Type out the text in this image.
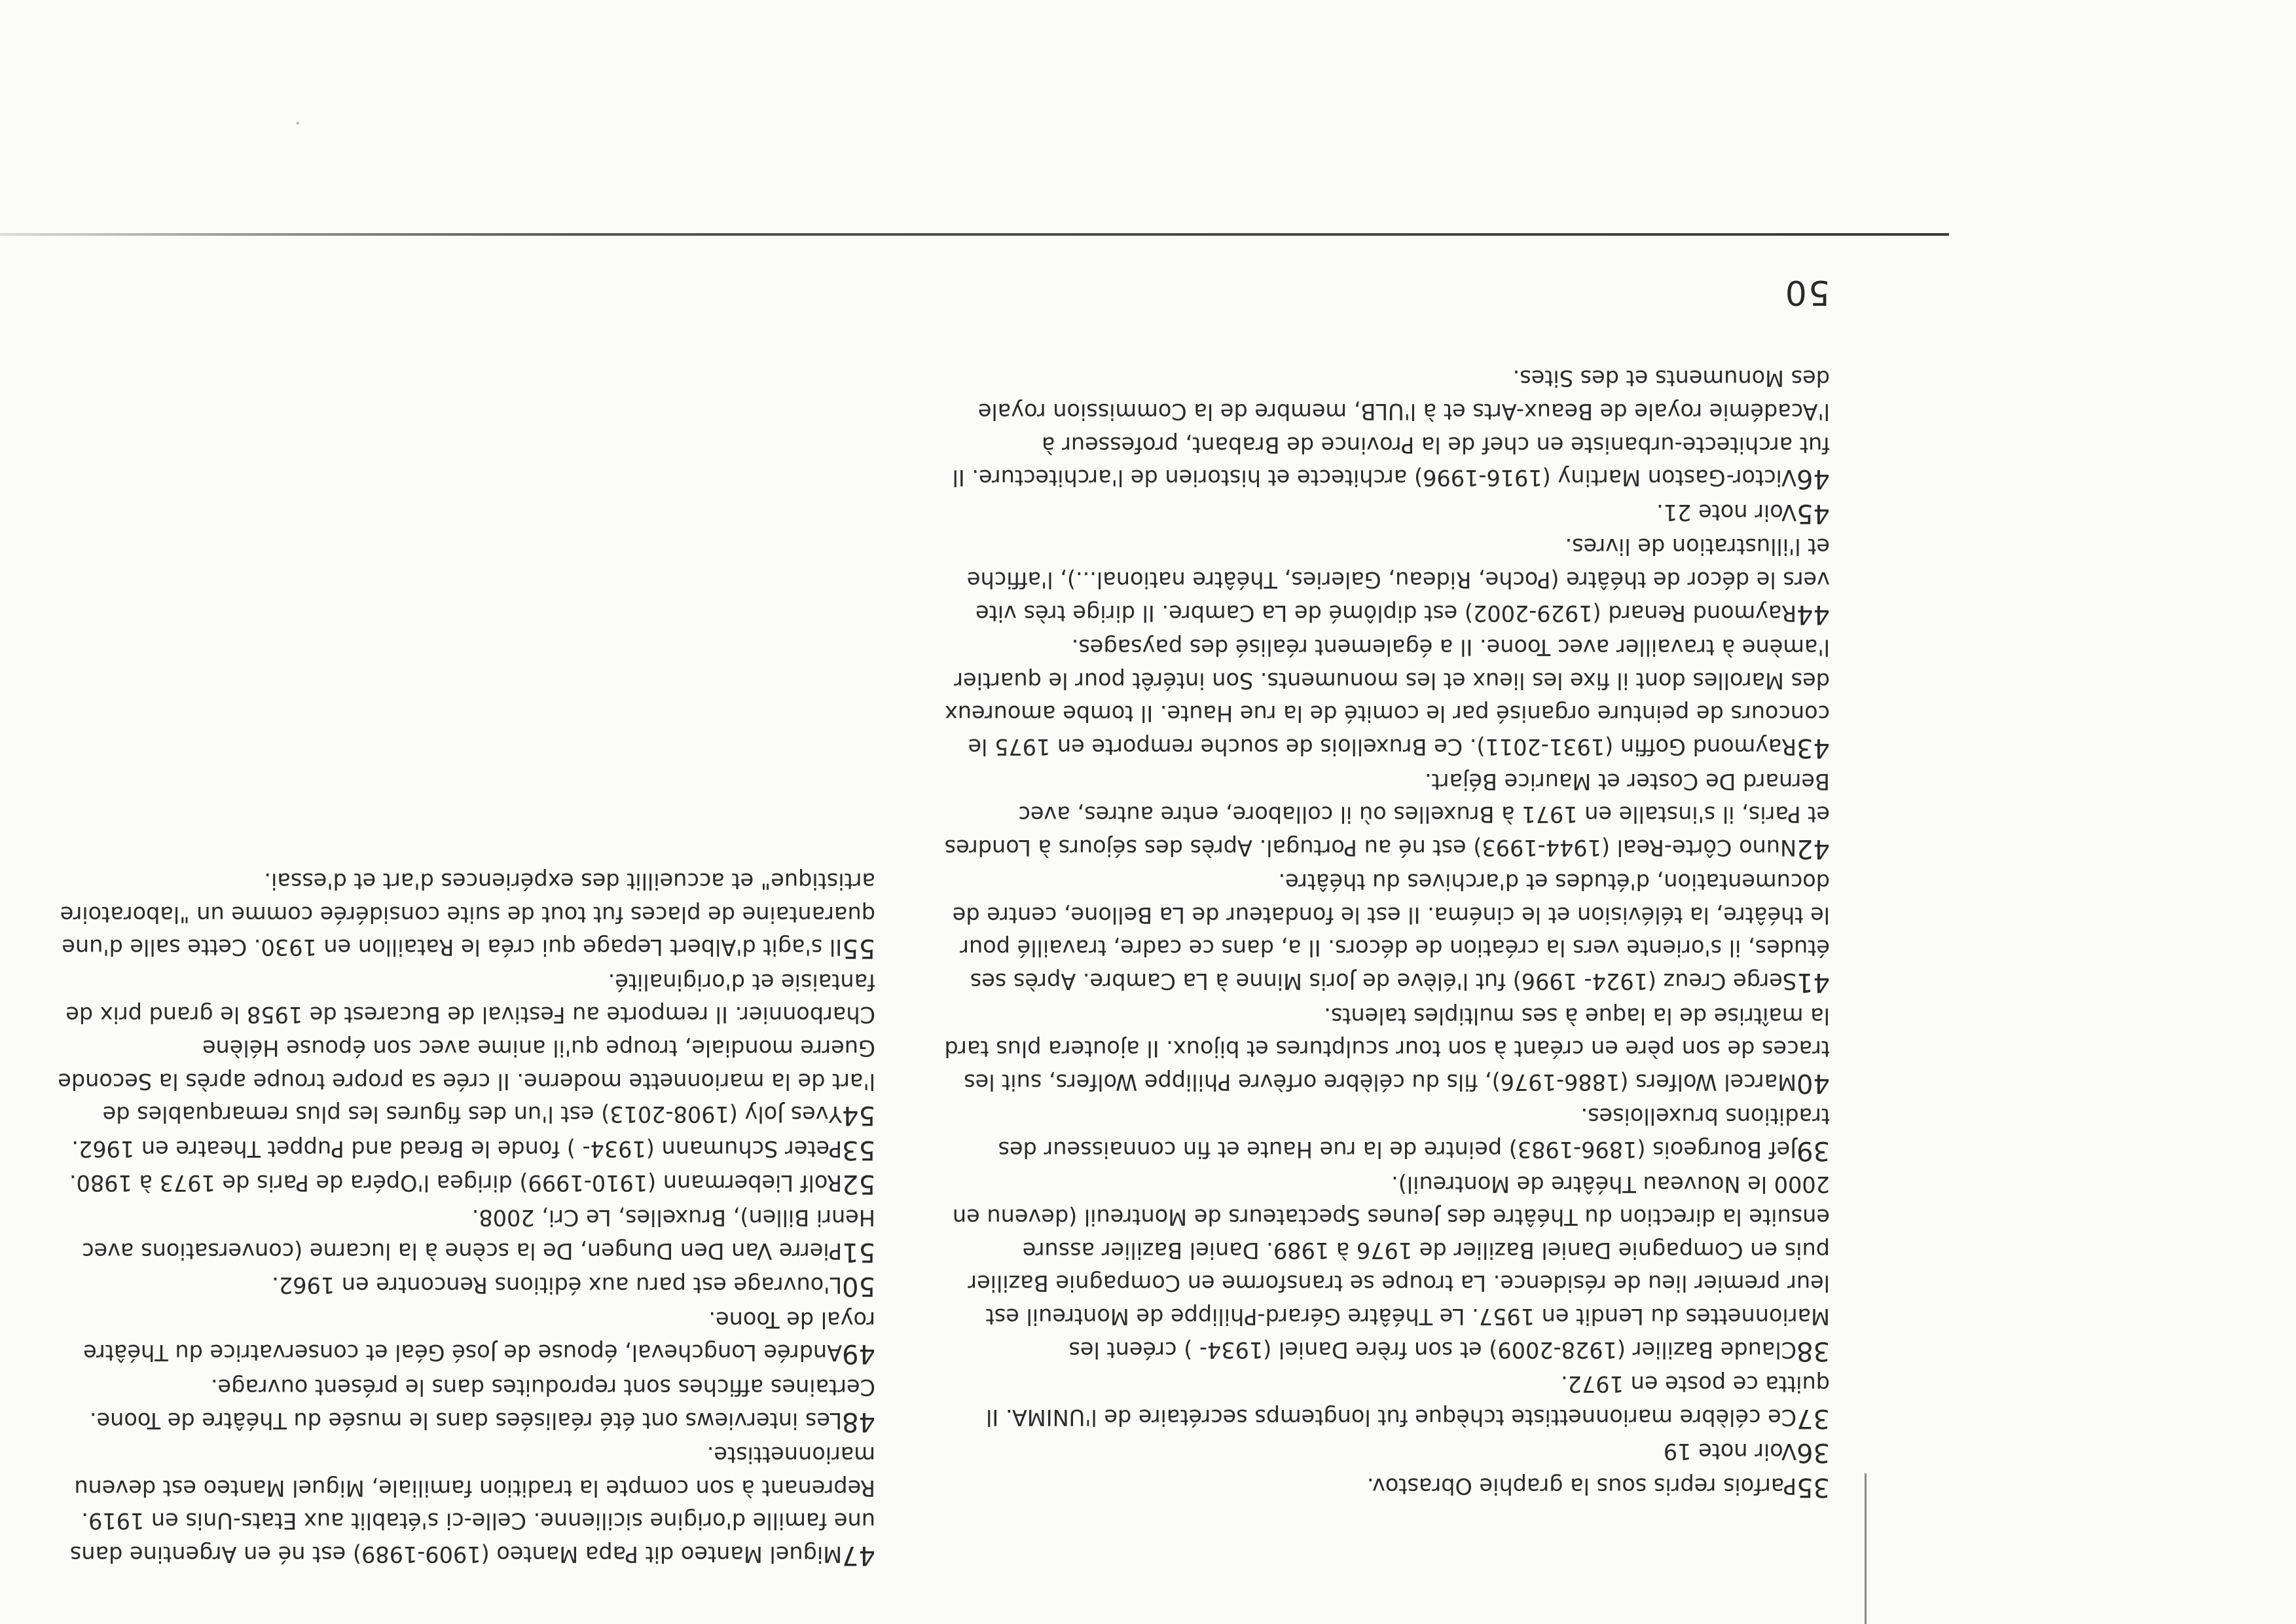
35Parfois repris sous la graphie Obrastov.

36Voir note 19

37Ce célèbre marionnettiste tchèque fut longtemps secrétaire de l'UNIMA. Il quitta ce poste en 1972.

38Claude Bazilier (1928-2009) et son frère Daniel (1934- ) créent les Marionnettes du Lendit en 1957. Le Théâtre Gérard-Philippe de Montreuil est leur premier lieu de résidence. La troupe se transforme en Compagnie Bazilier puis en Compagnie Daniel Bazilier de 1976 à 1989. Daniel Bazilier assure ensuite la direction du Théâtre des Jeunes Spectateurs de Montreuil (devenu en 2000 le Nouveau Théâtre de Montreuil).

39Jef Bourgeois (1896-1983) peintre de la rue Haute et fin connaisseur des traditions bruxelloises.

40Marcel Wolfers (1886-1976), fils du célèbre orfèvre Philippe Wolfers, suit les traces de son père en créant à son tour sculptures et bijoux. Il ajoutera plus tard la maîtrise de la laque à ses multiples talents.

41Serge Creuz (1924- 1996) fut l'élève de Joris Minne à La Cambre. Après ses études, il s'oriente vers la création de décors. Il a, dans ce cadre, travaillé pour le théâtre, la télévision et le cinéma. Il est le fondateur de La Bellone, centre de documentation, d'études et d'archives du théâtre.

42Nuno Côrte-Real (1944-1993) est né au Portugal. Après des séjours à Londres et Paris, il s'installe en 1971 à Bruxelles où il collabore, entre autres, avec Bernard De Coster et Maurice Béjart.

43Raymond Goffin (1931-2011). Ce Bruxellois de souche remporte en 1975 le concours de peinture organisé par le comité de la rue Haute. Il tombe amoureux des Marolles dont il fixe les lieux et les monuments. Son intérêt pour le quartier l'amène à travailler avec Toone. Il a également réalisé des paysages.

44Raymond Renard (1929-2002) est diplômé de La Cambre. Il dirige très vite vers le décor de théâtre (Poche, Rideau, Galeries, Théâtre national...), l'affiche et l'illustration de livres.

45Voir note 21.

46Victor-Gaston Martiny (1916-1996) architecte et historien de l'architecture. Il fut architecte-urbaniste en chef de la Province de Brabant, professeur à l'Académie royale de Beaux-Arts et à l'ULB, membre de la Commission royale des Monuments et des Sites.

50

47Miguel Manteo dit Papa Manteo (1909-1989) est né en Argentine dans une famille d'origine sicilienne. Celle-ci s'établit aux Etats-Unis en 1919. Reprenant à son compte la tradition familiale, Miguel Manteo est devenu marionnettiste.

48Les interviews ont été réalisées dans le musée du Théâtre de Toone. Certaines affiches sont reproduites dans le présent ouvrage.

49Andrée Longcheval, épouse de José Géal et conservatrice du Théâtre royal de Toone.

50L'ouvrage est paru aux éditions Rencontre en 1962.

51Pierre Van Den Dungen, De la scène à la lucarne (conversations avec Henri Billen), Bruxelles, Le Cri, 2008.

52Rolf Liebermann (1910-1999) dirigea l'Opéra de Paris de 1973 à 1980.

53Peter Schumann (1934- ) fonde le Bread and Puppet Theatre en 1962.

54Yves Joly (1908-2013) est l'un des figures les plus remarquables de l'art de la marionnette moderne. Il crée sa propre troupe après la Seconde Guerre mondiale, troupe qu'il anime avec son épouse Hélène Charbonnier. Il remporte au Festival de Bucarest de 1958 le grand prix de fantaisie et d'originalité.

55Il s'agit d'Albert Lepage qui créa le Rataillon en 1930. Cette salle d'une quarantaine de places fut tout de suite considérée comme un "laboratoire artistique" et accueillit des expériences d'art et d'essai.
